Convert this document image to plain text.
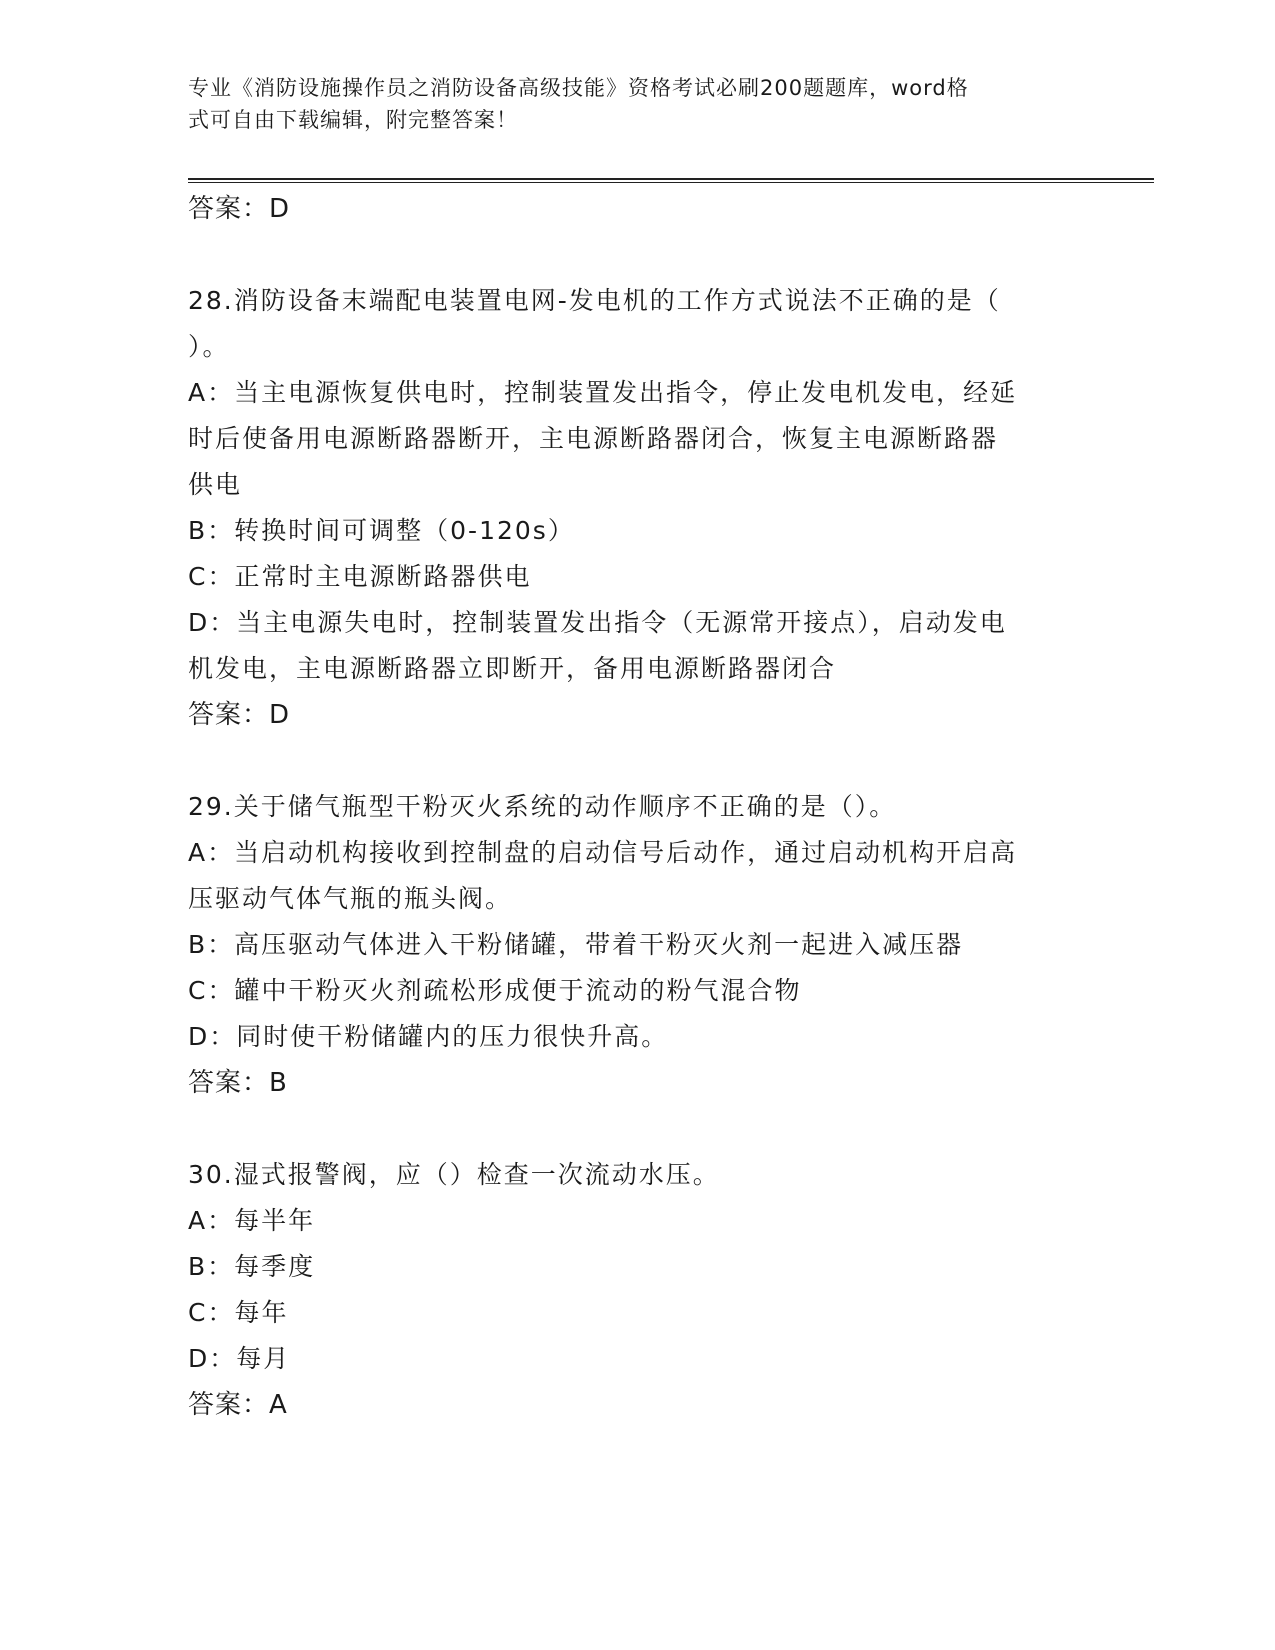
专业《消防设施操作员之消防设备高级技能》资格考试必刷200题题库，word格
式可自由下载编辑，附完整答案！
答案：D
28.消防设备末端配电装置电网-发电机的工作方式说法不正确的是（
）。
A：当主电源恢复供电时，控制装置发出指令，停止发电机发电，经延
时后使备用电源断路器断开，主电源断路器闭合，恢复主电源断路器
供电
B：转换时间可调整（0-120s）
C：正常时主电源断路器供电
D：当主电源失电时，控制装置发出指令（无源常开接点），启动发电
机发电，主电源断路器立即断开，备用电源断路器闭合
答案：D
29.关于储气瓶型干粉灭火系统的动作顺序不正确的是（）。
A：当启动机构接收到控制盘的启动信号后动作，通过启动机构开启高
压驱动气体气瓶的瓶头阀。
B：高压驱动气体进入干粉储罐，带着干粉灭火剂一起进入减压器
C：罐中干粉灭火剂疏松形成便于流动的粉气混合物
D：同时使干粉储罐内的压力很快升高。
答案：B
30.湿式报警阀，应（）检查一次流动水压。
A：每半年
B：每季度
C：每年
D：每月
答案：A
